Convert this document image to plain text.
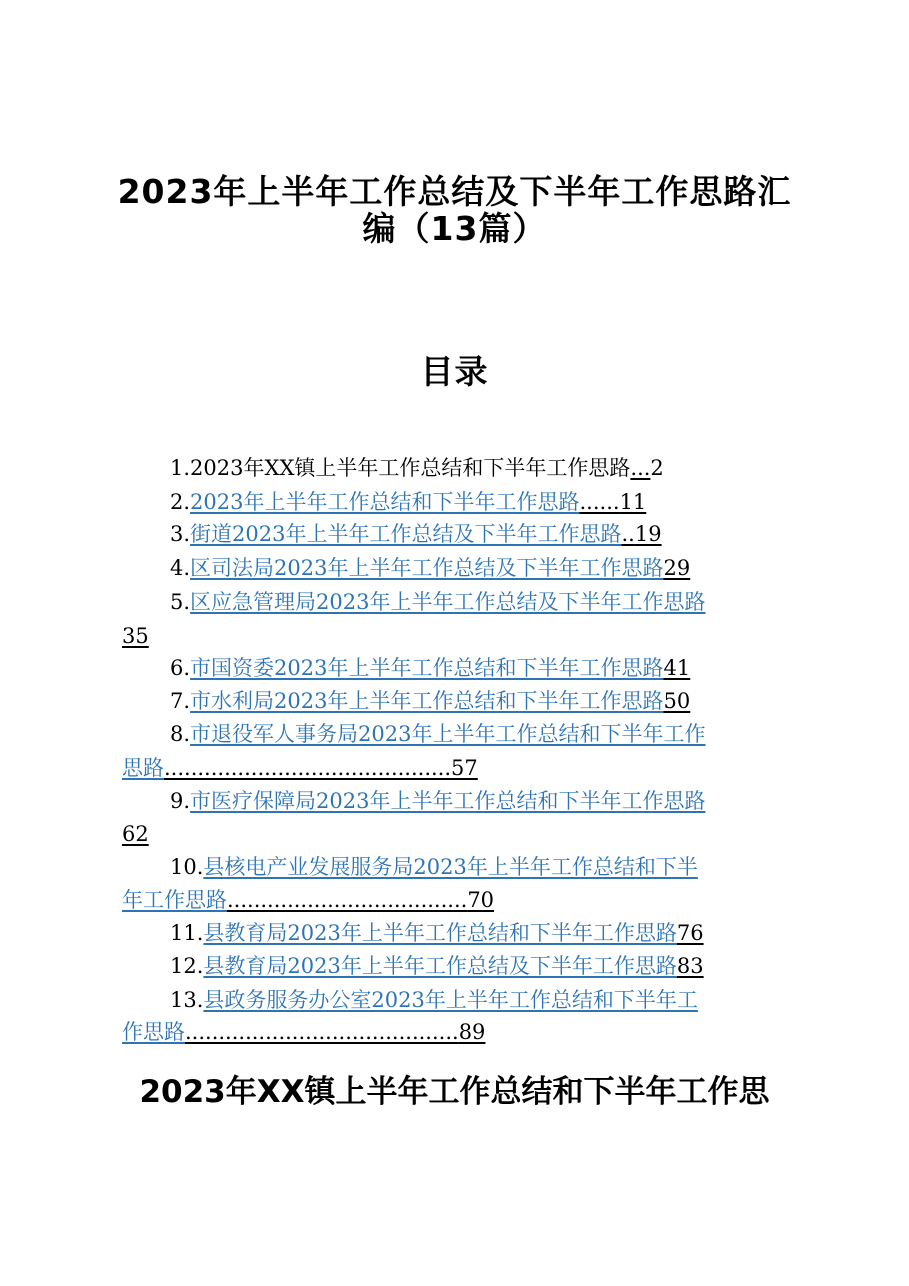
2023年上半年工作总结及下半年工作思路汇
编（13篇）
目录
1.2023年XX镇上半年工作总结和下半年工作思路...2
2.2023年上半年工作总结和下半年工作思路......11
3.街道2023年上半年工作总结及下半年工作思路..19
4.区司法局2023年上半年工作总结及下半年工作思路29
5.区应急管理局2023年上半年工作总结及下半年工作思路
35
6.市国资委2023年上半年工作总结和下半年工作思路41
7.市水利局2023年上半年工作总结和下半年工作思路50
8.市退役军人事务局2023年上半年工作总结和下半年工作
思路...........................................57
9.市医疗保障局2023年上半年工作总结和下半年工作思路
62
10.县核电产业发展服务局2023年上半年工作总结和下半
年工作思路....................................70
11.县教育局2023年上半年工作总结和下半年工作思路76
12.县教育局2023年上半年工作总结及下半年工作思路83
13.县政务服务办公室2023年上半年工作总结和下半年工
作思路.........................................89
2023年XX镇上半年工作总结和下半年工作思
